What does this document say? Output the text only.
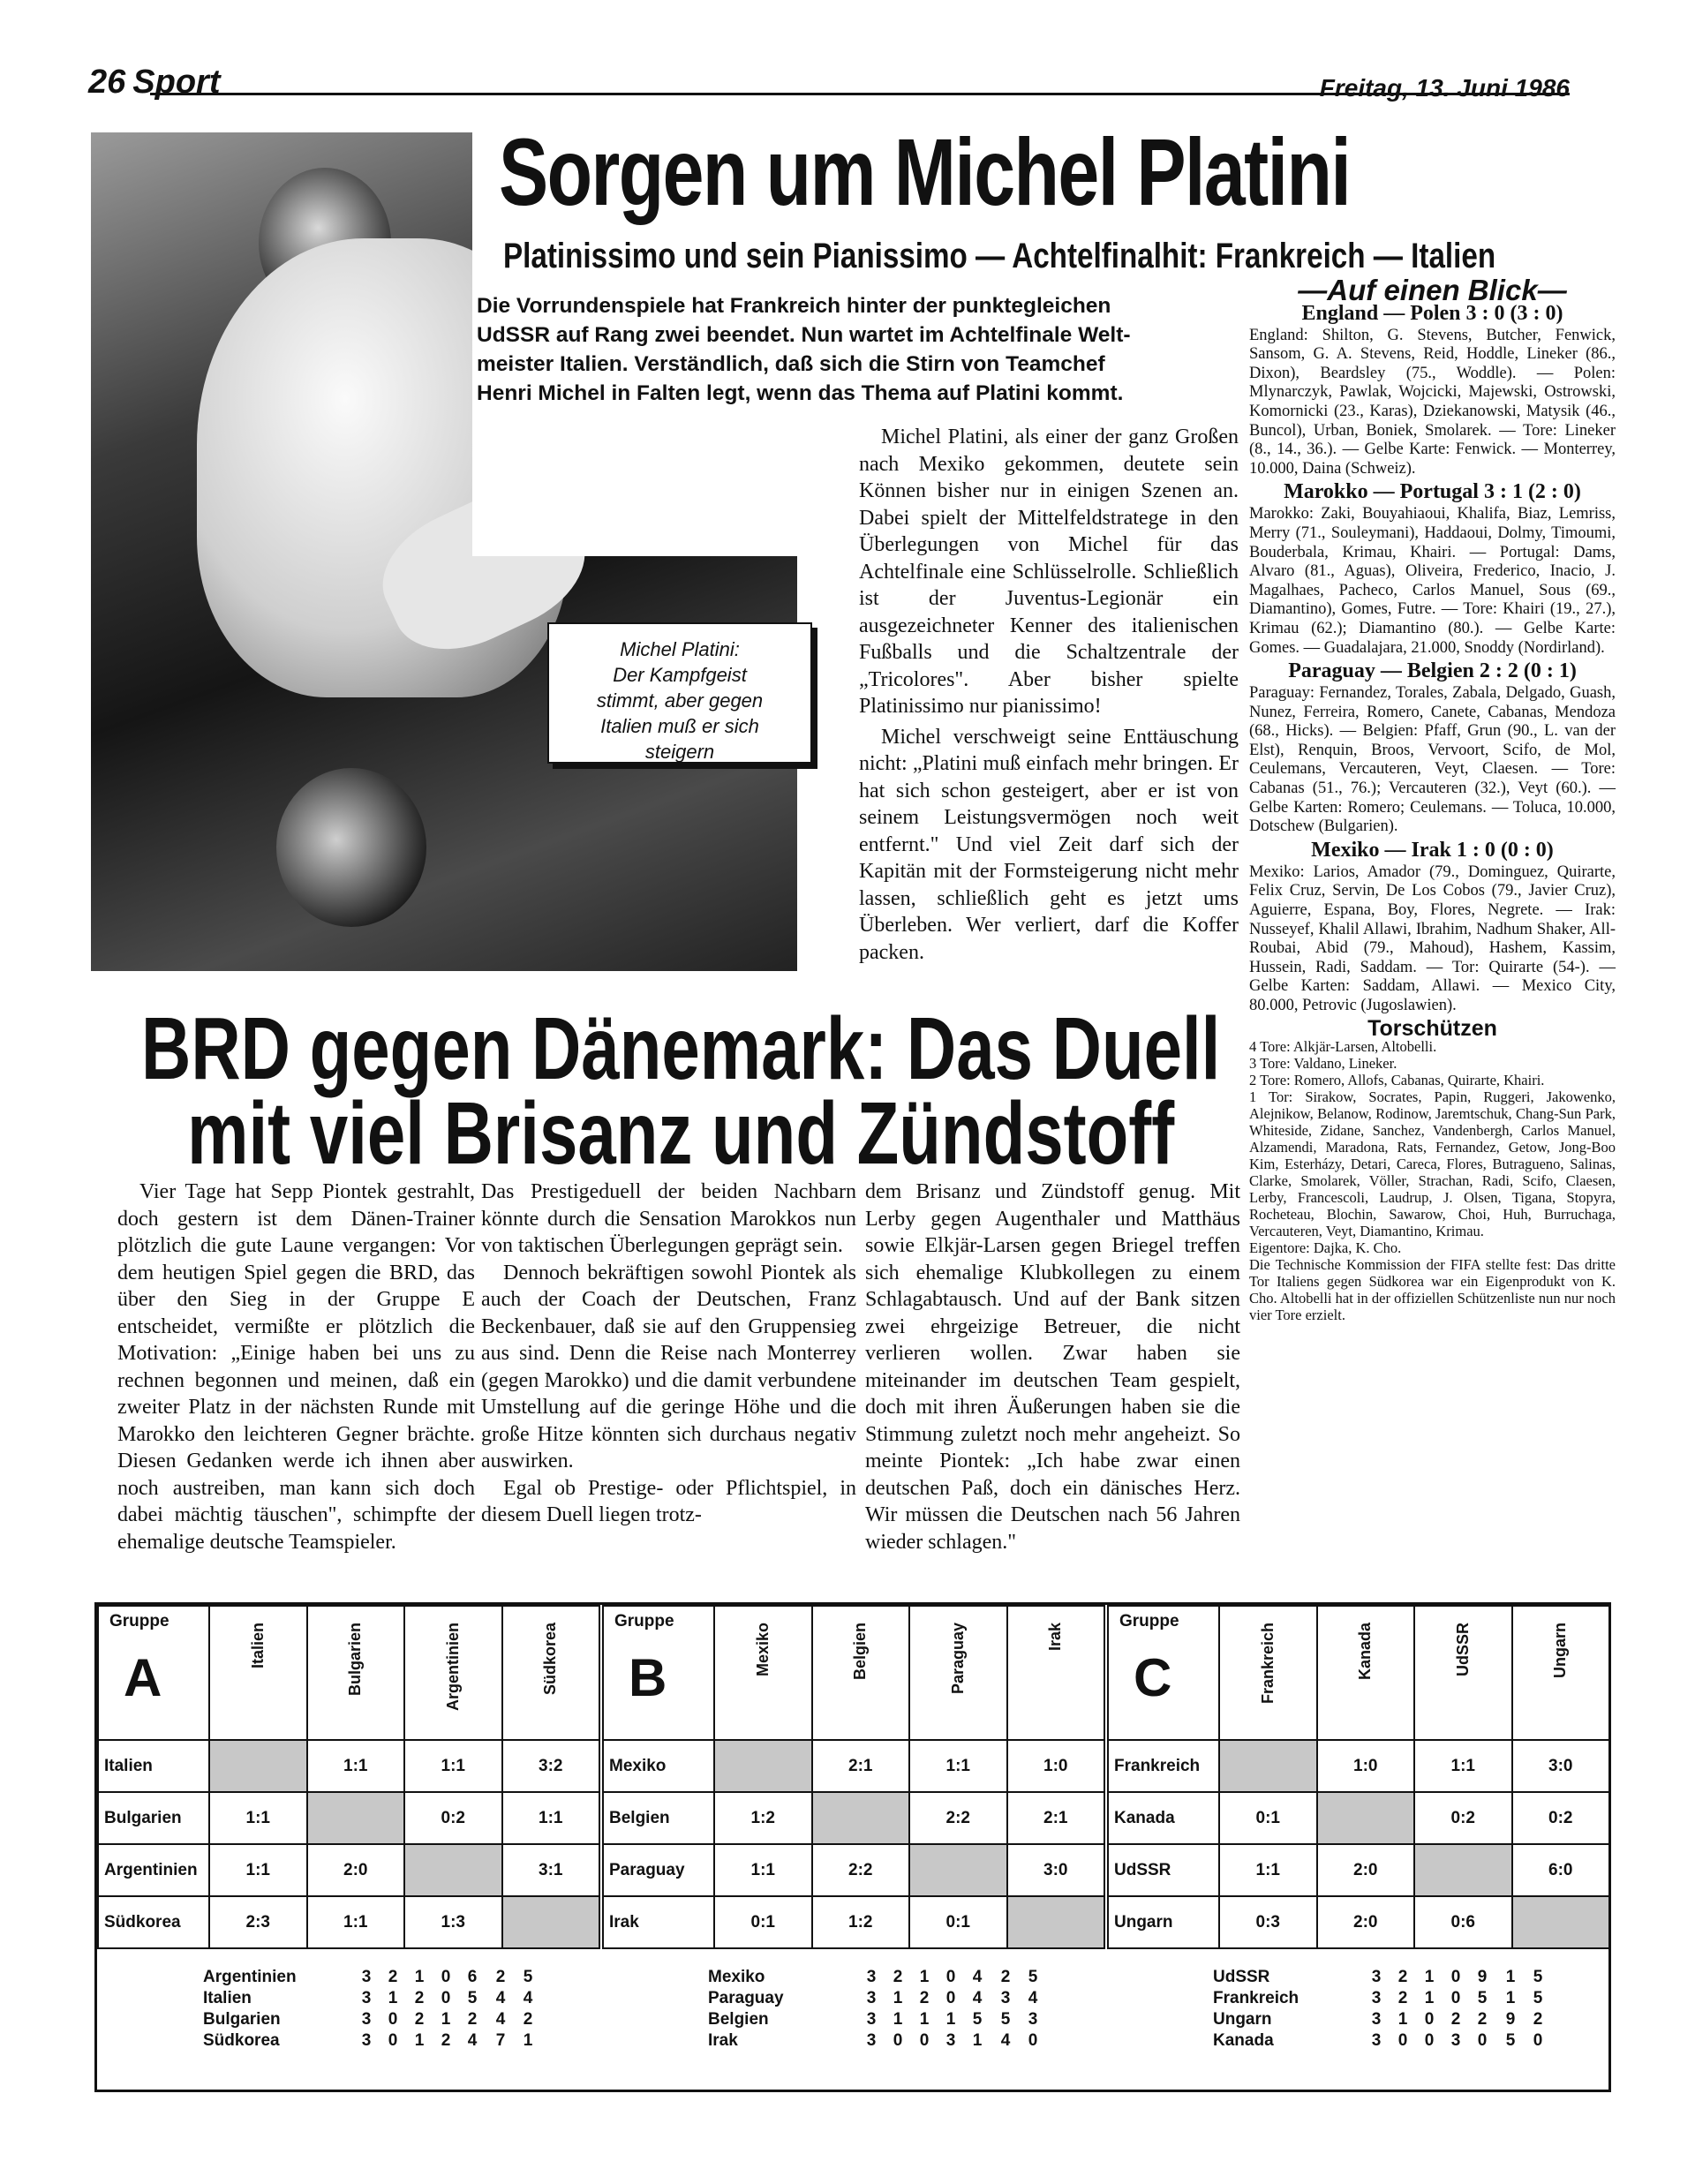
26 Sport	Freitag, 13. Juni 1986
Michel Platini:
Der Kampfgeist
stimmt, aber gegen
Italien muß er sich
steigern
Sorgen um Michel Platini
Platinissimo und sein Pianissimo — Achtelfinalhit: Frankreich — Italien
Die Vorrundenspiele hat Frankreich hinter der punktegleichen
UdSSR auf Rang zwei beendet. Nun wartet im Achtelfinale Welt-
meister Italien. Verständlich, daß sich die Stirn von Teamchef
Henri Michel in Falten legt, wenn das Thema auf Platini kommt.

Michel Platini, als einer der ganz Großen nach Mexiko gekommen, deutete sein Können bisher nur in einigen Szenen an. Dabei spielt der Mittelfeldstratege in den Überlegungen von Michel für das Achtelfinale eine Schlüsselrolle. Schließlich ist der Juventus-Legionär ein ausgezeichneter Kenner des italienischen Fußballs und die Schaltzentrale der „Tricolores". Aber bisher spielte Platinissimo nur pianissimo!

Michel verschweigt seine Enttäuschung nicht: „Platini muß einfach mehr bringen. Er hat sich schon gesteigert, aber er ist von seinem Leistungsvermögen noch weit entfernt." Und viel Zeit darf sich der Kapitän mit der Formsteigerung nicht mehr lassen, schließlich geht es jetzt ums Überleben. Wer verliert, darf die Koffer packen.

—Auf einen Blick—
England — Polen 3 : 0 (3 : 0)
England: Shilton, G. Stevens, Butcher, Fenwick, Sansom, G. A. Stevens, Reid, Hoddle, Lineker (86., Dixon), Beardsley (75., Woddle). — Polen: Mlynarczyk, Pawlak, Wojcicki, Majewski, Ostrowski, Komornicki (23., Karas), Dziekanowski, Matysik (46., Buncol), Urban, Boniek, Smolarek. — Tore: Lineker (8., 14., 36.). — Gelbe Karte: Fenwick. — Monterrey, 10.000, Daina (Schweiz).
Marokko — Portugal 3 : 1 (2 : 0)
Marokko: Zaki, Bouyahiaoui, Khalifa, Biaz, Lemriss, Merry (71., Souleymani), Haddaoui, Dolmy, Timoumi, Bouderbala, Krimau, Khairi. — Portugal: Dams, Alvaro (81., Aguas), Oliveira, Frederico, Inacio, J. Magalhaes, Pacheco, Carlos Manuel, Sous (69., Diamantino), Gomes, Futre. — Tore: Khairi (19., 27.), Krimau (62.); Diamantino (80.). — Gelbe Karte: Gomes. — Guadalajara, 21.000, Snoddy (Nordirland).
Paraguay — Belgien 2 : 2 (0 : 1)
Paraguay: Fernandez, Torales, Zabala, Delgado, Guash, Nunez, Ferreira, Romero, Canete, Cabanas, Mendoza (68., Hicks). — Belgien: Pfaff, Grun (90., L. van der Elst), Renquin, Broos, Vervoort, Scifo, de Mol, Ceulemans, Vercauteren, Veyt, Claesen. — Tore: Cabanas (51., 76.); Vercauteren (32.), Veyt (60.). — Gelbe Karten: Romero; Ceulemans. — Toluca, 10.000, Dotschew (Bulgarien).
Mexiko — Irak 1 : 0 (0 : 0)
Mexiko: Larios, Amador (79., Dominguez, Quirarte, Felix Cruz, Servin, De Los Cobos (79., Javier Cruz), Aguierre, Espana, Boy, Flores, Negrete. — Irak: Nusseyef, Khalil Allawi, Ibrahim, Nadhum Shaker, All-Roubai, Abid (79., Mahoud), Hashem, Kassim, Hussein, Radi, Saddam. — Tor: Quirarte (54-). — Gelbe Karten: Saddam, Allawi. — Mexico City, 80.000, Petrovic (Jugoslawien).
Torschützen
4 Tore: Alkjär-Larsen, Altobelli.
3 Tore: Valdano, Lineker.
2 Tore: Romero, Allofs, Cabanas, Quirarte, Khairi.
1 Tor: Sirakow, Socrates, Papin, Ruggeri, Jakowenko, Alejnikow, Belanow, Rodinow, Jaremtschuk, Chang-Sun Park, Whiteside, Zidane, Sanchez, Vandenbergh, Carlos Manuel, Alzamendi, Maradona, Rats, Fernandez, Getow, Jong-Boo Kim, Esterházy, Detari, Careca, Flores, Butragueno, Salinas, Clarke, Smolarek, Völler, Strachan, Radi, Scifo, Claesen, Lerby, Francescoli, Laudrup, J. Olsen, Tigana, Stopyra, Rocheteau, Blochin, Sawarow, Choi, Huh, Burruchaga, Vercauteren, Veyt, Diamantino, Krimau.
Eigentore: Dajka, K. Cho.
Die Technische Kommission der FIFA stellte fest: Das dritte Tor Italiens gegen Südkorea war ein Eigenprodukt von K. Cho. Altobelli hat in der offiziellen Schützenliste nun nur noch vier Tore erzielt.
BRD gegen Dänemark: Das Duell
mit viel Brisanz und Zündstoff

Vier Tage hat Sepp Piontek gestrahlt, doch gestern ist dem Dänen-Trainer plötzlich die gute Laune vergangen: Vor dem heutigen Spiel gegen die BRD, das über den Sieg in der Gruppe E entscheidet, vermißte er plötzlich die Motivation: „Einige haben bei uns zu rechnen begonnen und meinen, daß ein zweiter Platz in der nächsten Runde mit Marokko den leichteren Gegner brächte. Diesen Gedanken werde ich ihnen aber noch austreiben, man kann sich doch dabei mächtig täuschen", schimpfte der ehemalige deutsche Teamspieler.

Das Prestigeduell der beiden Nachbarn könnte durch die Sensation Marokkos nun von taktischen Überlegungen geprägt sein.

Dennoch bekräftigen sowohl Piontek als auch der Coach der Deutschen, Franz Beckenbauer, daß sie auf den Gruppensieg aus sind. Denn die Reise nach Monterrey (gegen Marokko) und die damit verbundene Umstellung auf die geringe Höhe und die große Hitze könnten sich durchaus negativ auswirken.

Egal ob Prestige- oder Pflichtspiel, in diesem Duell liegen trotz-

dem Brisanz und Zündstoff genug. Mit Lerby gegen Augenthaler und Matthäus sowie Elkjär-Larsen gegen Briegel treffen sich ehemalige Klubkollegen zu einem Schlagabtausch. Und auf der Bank sitzen zwei ehrgeizige Betreuer, die nicht verlieren wollen. Zwar haben sie miteinander im deutschen Team gespielt, doch mit ihren Äußerungen haben sie die Stimmung zuletzt noch mehr angeheizt. So meinte Piontek: „Ich habe zwar einen deutschen Paß, doch ein dänisches Herz. Wir müssen die Deutschen nach 56 Jahren wieder schlagen."

Gruppe
A	Italien	Bulgarien	Argentinien	Südkorea
Italien		1:1	1:1	3:2
Bulgarien	1:1		0:2	1:1
Argentinien	1:1	2:0		3:1
Südkorea	2:3	1:1	1:3	
Argentinien	3	2	1	0	6	2	5
Italien	3	1	2	0	5	4	4
Bulgarien	3	0	2	1	2	4	2
Südkorea	3	0	1	2	4	7	1
Gruppe
B	Mexiko	Belgien	Paraguay	Irak
Mexiko		2:1	1:1	1:0
Belgien	1:2		2:2	2:1
Paraguay	1:1	2:2		3:0
Irak	0:1	1:2	0:1	
Mexiko	3	2	1	0	4	2	5
Paraguay	3	1	2	0	4	3	4
Belgien	3	1	1	1	5	5	3
Irak	3	0	0	3	1	4	0
Gruppe
C	Frankreich	Kanada	UdSSR	Ungarn
Frankreich		1:0	1:1	3:0
Kanada	0:1		0:2	0:2
UdSSR	1:1	2:0		6:0
Ungarn	0:3	2:0	0:6	
UdSSR	3	2	1	0	9	1	5
Frankreich	3	2	1	0	5	1	5
Ungarn	3	1	0	2	2	9	2
Kanada	3	0	0	3	0	5	0
